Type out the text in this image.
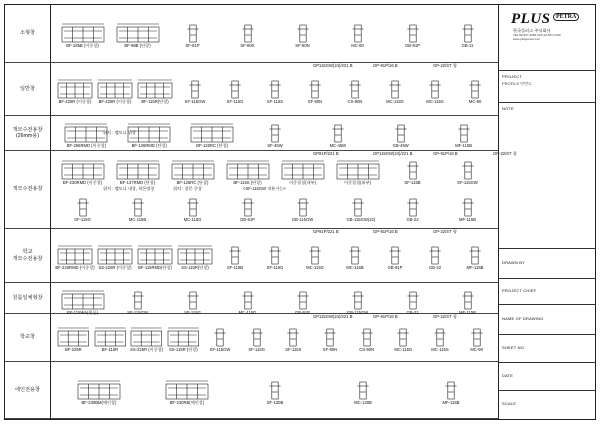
소형창
일반창
개모수전용창
(26mm용)
개모수전용창
학교
개모수전용창
원룸일체형창
학교창
에인전용창
BF-185B (이중창)	BF-98B (단창)	SF-81P	SF-80S	SF-80N	MC-80	GB-91P	GB-11
BF-225R (이중창)	BF-225R (이중창)	BF-115R(단창)	SF-115GW	SF-115G	SF-115S	SF-90N	CS-90N	MC-115G	MC-115S	MC-90
GP115GW(24)/221 B	GP-91P/16 B	GP-22/ST 형
BF-256RMD (이중창)	BF-126RMD (단창)	BF-126RC (단창)	SF-45W	MC-45W	GB-45W	MF-115B
위치 : 벨모니 위창
BF-230RMD (이중창)	BF-137RMD (단창)	BF-126RC (단창)	BF-115S (단창)	이중결칭(내부)	이중결칭(외부)	SF-115B	SF-115GW
SF-115G	MC-115B	MC-115G	GB-91P	GB-115GW	GB-115GW(22)	GB-22	MF-115B
위치 : 벨모니 내창, 착은방창	위치 : 창문 중창	<SF-115GW 적용가능>
GP91P/221 B	GP115GW(24)/221 B	GP-91P/16 B	GP-22/ST 형
BF-225RMD (이중창) SS-225R (이중창)	BF-115RMD(단창)	SS-115R(단창)	SF-115B	SF-115G	MC-115G	MC-115B	GB-91P	GB-22	MF-115B
GP91P/221 B	GP-91P/16 B	GP-22/ST 형
BF-115WA(원룸)	SF-115GW	SF-115G	MC-115G	GB-91P	GB-115GW	GB-22	MF-115B
BF-225R	BF-115R	SS-225R (이중창)	SS-115R (단창)	SF-115GW	SF-115G	SF-115S	SF-90N	CS-90N	MC-115G	MC-115S	MC-90
GP115GW(24)/221 B	GP-91P/16 B	GP-22/ST 형
BF-230BM(에인창)	BF-230RB(에인창)	SF-130B	MC-130B	MF-115B
PLUS PETRA
한국플러스 주식회사
TEL 02-557-2282 FAX 02-557-4700
www.pluspetra.co.kr
PROJECT
PROFILE 단면도
NOTE
DRAWN BY
PROJECT CHIEF
NAME OF DRAWING
SHEET NO.
DATE
SCALE
